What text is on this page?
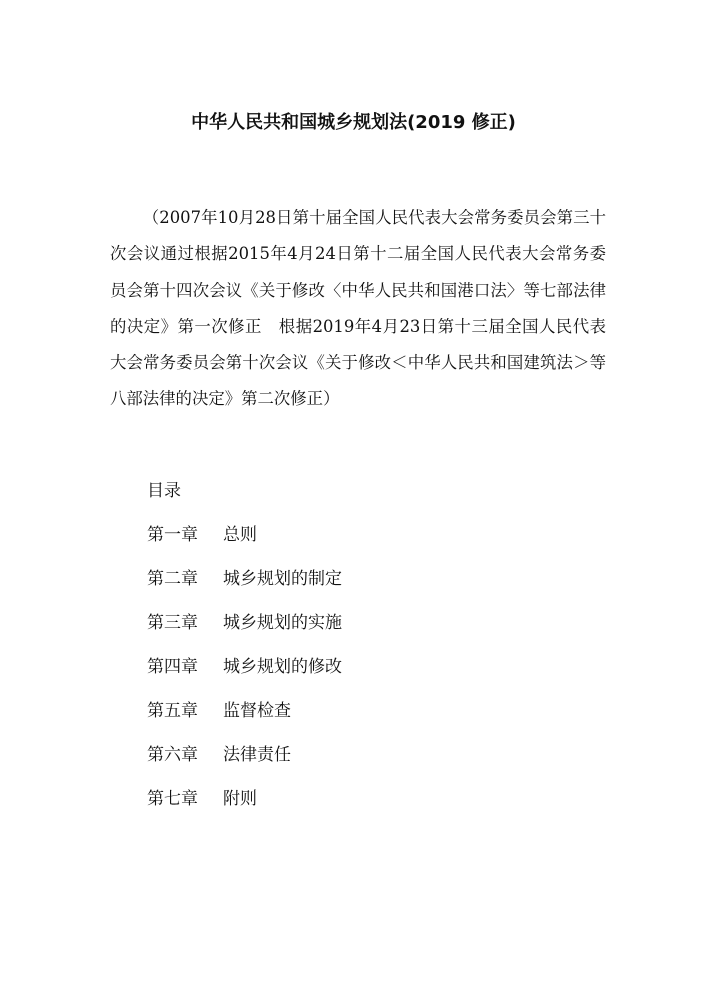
中华人民共和国城乡规划法(2019 修正)
（2007年10月28日第十届全国人民代表大会常务委员会第三十次会议通过根据2015年4月24日第十二届全国人民代表大会常务委员会第十四次会议《关于修改〈中华人民共和国港口法〉等七部法律的决定》第一次修正　根据2019年4月23日第十三届全国人民代表大会常务委员会第十次会议《关于修改＜中华人民共和国建筑法＞等八部法律的决定》第二次修正）
目录
第一章 总则
第二章 城乡规划的制定
第三章 城乡规划的实施
第四章 城乡规划的修改
第五章 监督检查
第六章 法律责任
第七章 附则
